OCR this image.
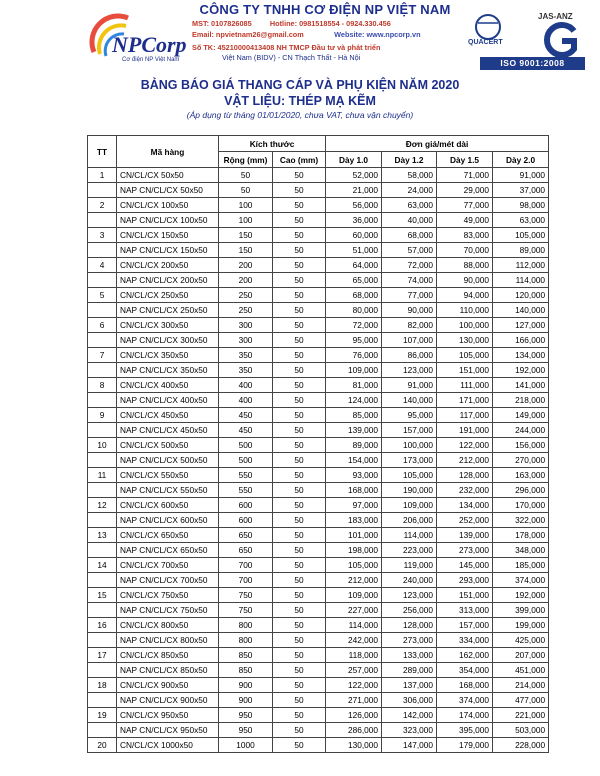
NPCorp
Cơ điện NP Việt Nam
CÔNG TY TNHH CƠ ĐIỆN NP VIỆT NAM
MST: 0107826085	Hotline: 0981518554 - 0924.330.456
Email: npvietnam26@gmail.com	Website: www.npcorp.vn
Số TK: 45210000413408 NH TMCP Đầu tư và phát triển
Việt Nam (BIDV) - CN Thạch Thất - Hà Nội
JAS-ANZ
QUACERT
ISO 9001:2008
BẢNG BÁO GIÁ THANG CÁP VÀ PHỤ KIỆN NĂM 2020
VẬT LIỆU: THÉP MẠ KẼM
(Áp dụng từ tháng 01/01/2020, chưa VAT, chưa vận chuyển)
TT	Mã hàng	Kích thước		Đơn giá/mét dài			
		Rộng (mm)	Cao (mm)	Dày 1.0	Dày 1.2	Dày 1.5	Dày 2.0
1	CN/CL/CX 50x50	50	50	52,000	58,000	71,000	91,000
	NAP CN/CL/CX 50x50	50	50	21,000	24,000	29,000	37,000
2	CN/CL/CX 100x50	100	50	56,000	63,000	77,000	98,000
	NAP CN/CL/CX 100x50	100	50	36,000	40,000	49,000	63,000
3	CN/CL/CX 150x50	150	50	60,000	68,000	83,000	105,000
	NAP CN/CL/CX 150x50	150	50	51,000	57,000	70,000	89,000
4	CN/CL/CX 200x50	200	50	64,000	72,000	88,000	112,000
	NAP CN/CL/CX 200x50	200	50	65,000	74,000	90,000	114,000
5	CN/CL/CX 250x50	250	50	68,000	77,000	94,000	120,000
	NAP CN/CL/CX 250x50	250	50	80,000	90,000	110,000	140,000
6	CN/CL/CX 300x50	300	50	72,000	82,000	100,000	127,000
	NAP CN/CL/CX 300x50	300	50	95,000	107,000	130,000	166,000
7	CN/CL/CX 350x50	350	50	76,000	86,000	105,000	134,000
	NAP CN/CL/CX 350x50	350	50	109,000	123,000	151,000	192,000
8	CN/CL/CX 400x50	400	50	81,000	91,000	111,000	141,000
	NAP CN/CL/CX 400x50	400	50	124,000	140,000	171,000	218,000
9	CN/CL/CX 450x50	450	50	85,000	95,000	117,000	149,000
	NAP CN/CL/CX 450x50	450	50	139,000	157,000	191,000	244,000
10	CN/CL/CX 500x50	500	50	89,000	100,000	122,000	156,000
	NAP CN/CL/CX 500x50	500	50	154,000	173,000	212,000	270,000
11	CN/CL/CX 550x50	550	50	93,000	105,000	128,000	163,000
	NAP CN/CL/CX 550x50	550	50	168,000	190,000	232,000	296,000
12	CN/CL/CX 600x50	600	50	97,000	109,000	134,000	170,000
	NAP CN/CL/CX 600x50	600	50	183,000	206,000	252,000	322,000
13	CN/CL/CX 650x50	650	50	101,000	114,000	139,000	178,000
	NAP CN/CL/CX 650x50	650	50	198,000	223,000	273,000	348,000
14	CN/CL/CX 700x50	700	50	105,000	119,000	145,000	185,000
	NAP CN/CL/CX 700x50	700	50	212,000	240,000	293,000	374,000
15	CN/CL/CX 750x50	750	50	109,000	123,000	151,000	192,000
	NAP CN/CL/CX 750x50	750	50	227,000	256,000	313,000	399,000
16	CN/CL/CX 800x50	800	50	114,000	128,000	157,000	199,000
	NAP CN/CL/CX 800x50	800	50	242,000	273,000	334,000	425,000
17	CN/CL/CX 850x50	850	50	118,000	133,000	162,000	207,000
	NAP CN/CL/CX 850x50	850	50	257,000	289,000	354,000	451,000
18	CN/CL/CX 900x50	900	50	122,000	137,000	168,000	214,000
	NAP CN/CL/CX 900x50	900	50	271,000	306,000	374,000	477,000
19	CN/CL/CX 950x50	950	50	126,000	142,000	174,000	221,000
	NAP CN/CL/CX 950x50	950	50	286,000	323,000	395,000	503,000
20	CN/CL/CX 1000x50	1000	50	130,000	147,000	179,000	228,000
